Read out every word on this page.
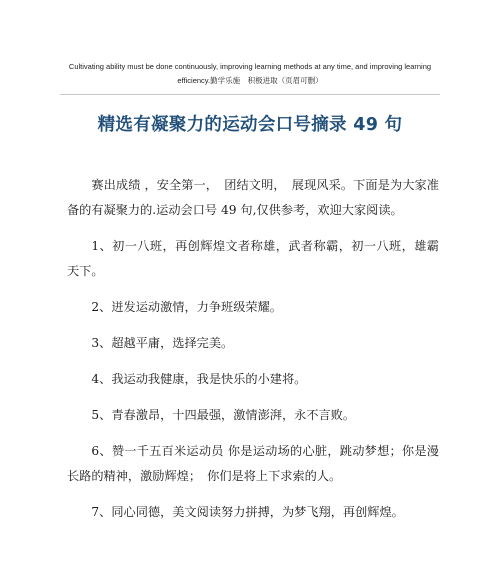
Cultivating ability must be done continuously, improving learning methods at any time, and improving learning
efficiency.勤学乐施　积极进取（页眉可删）
精选有凝聚力的运动会口号摘录 49 句

赛出成绩 ，安全第一，　团结文明，　展现风采。下面是为大家准备的有凝聚力的.运动会口号 49 句,仅供参考，欢迎大家阅读。

1、初一八班，再创辉煌文者称雄，武者称霸，初一八班，雄霸天下。

2、迸发运动激情，力争班级荣耀。

3、超越平庸，选择完美。

4、我运动我健康，我是快乐的小建将。

5、青春激昂，十四最强，激情澎湃，永不言败。

6、赞一千五百米运动员 你是运动场的心脏，跳动梦想；你是漫长路的精神，激励辉煌；　你们是将上下求索的人。

7、同心同德，美文阅读努力拼搏，为梦飞翔，再创辉煌。
